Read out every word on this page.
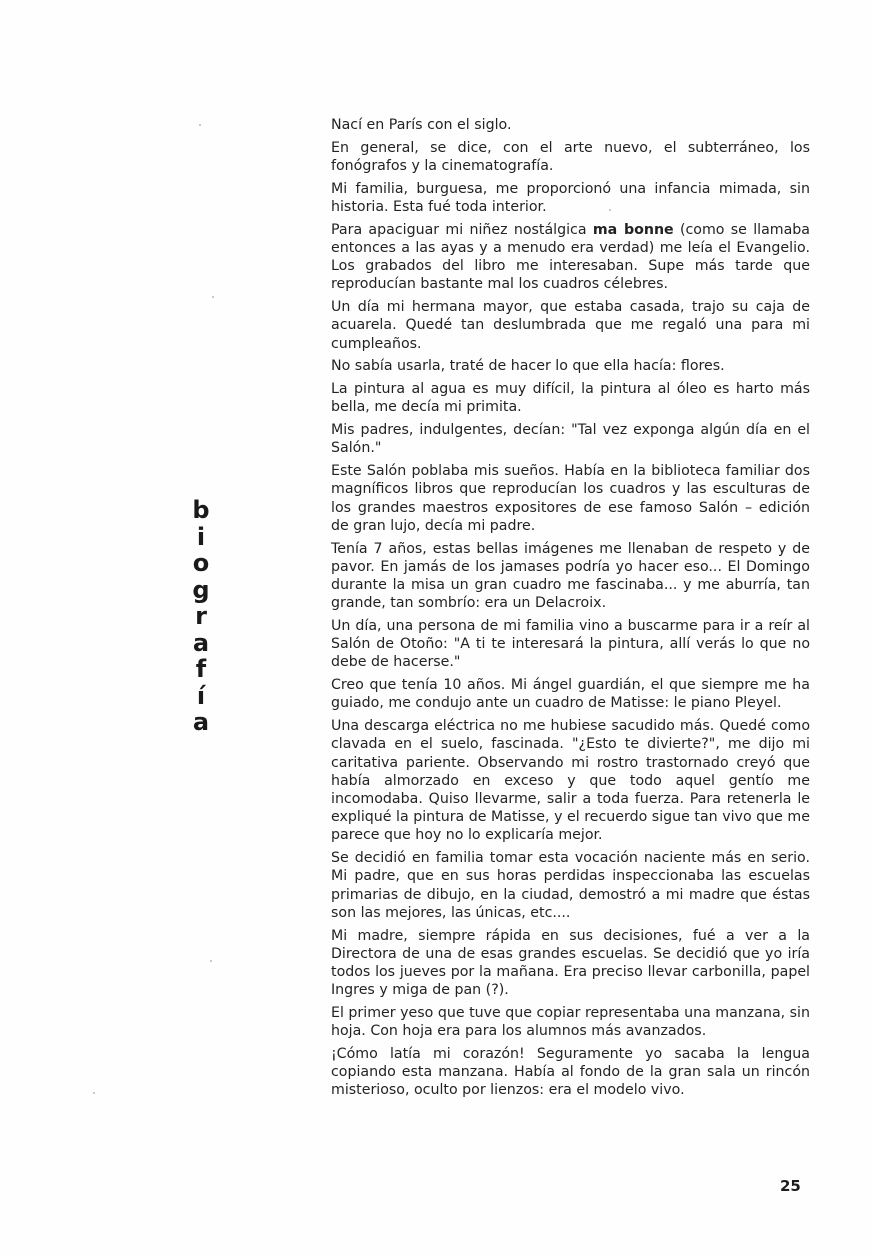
b
i
o
g
r
a
f
í
a

Nací en París con el siglo.

En general, se dice, con el arte nuevo, el subterráneo, los fonógrafos y la cinematografía.

Mi familia, burguesa, me proporcionó una infancia mimada, sin historia. Esta fué toda interior.

Para apaciguar mi niñez nostálgica ma bonne (como se llamaba entonces a las ayas y a menudo era verdad) me leía el Evangelio. Los grabados del libro me interesaban. Supe más tarde que reproducían bastante mal los cuadros célebres.

Un día mi hermana mayor, que estaba casada, trajo su caja de acuarela. Quedé tan deslumbrada que me regaló una para mi cumpleaños.

No sabía usarla, traté de hacer lo que ella hacía: flores.

La pintura al agua es muy difícil, la pintura al óleo es harto más bella, me decía mi primita.

Mis padres, indulgentes, decían: "Tal vez exponga algún día en el Salón."

Este Salón poblaba mis sueños. Había en la biblioteca familiar dos magníficos libros que reproducían los cuadros y las esculturas de los grandes maestros expositores de ese famoso Salón – edición de gran lujo, decía mi padre.

Tenía 7 años, estas bellas imágenes me llenaban de respeto y de pavor. En jamás de los jamases podría yo hacer eso... El Domingo durante la misa un gran cuadro me fascinaba... y me aburría, tan grande, tan sombrío: era un Delacroix.

Un día, una persona de mi familia vino a buscarme para ir a reír al Salón de Otoño: "A ti te interesará la pintura, allí verás lo que no debe de hacerse."

Creo que tenía 10 años. Mi ángel guardián, el que siempre me ha guiado, me condujo ante un cuadro de Matisse: le piano Pleyel.

Una descarga eléctrica no me hubiese sacudido más. Quedé como clavada en el suelo, fascinada. "¿Esto te divierte?", me dijo mi caritativa pariente. Observando mi rostro trastornado creyó que había almorzado en exceso y que todo aquel gentío me incomodaba. Quiso llevarme, salir a toda fuerza. Para retenerla le expliqué la pintura de Matisse, y el recuerdo sigue tan vivo que me parece que hoy no lo explicaría mejor.

Se decidió en familia tomar esta vocación naciente más en serio. Mi padre, que en sus horas perdidas inspeccionaba las escuelas primarias de dibujo, en la ciudad, demostró a mi madre que éstas son las mejores, las únicas, etc....

Mi madre, siempre rápida en sus decisiones, fué a ver a la Directora de una de esas grandes escuelas. Se decidió que yo iría todos los jueves por la mañana. Era preciso llevar carbonilla, papel Ingres y miga de pan (?).

El primer yeso que tuve que copiar representaba una manzana, sin hoja. Con hoja era para los alumnos más avanzados.

¡Cómo latía mi corazón! Seguramente yo sacaba la lengua copiando esta manzana. Había al fondo de la gran sala un rincón misterioso, oculto por lienzos: era el modelo vivo.

25
